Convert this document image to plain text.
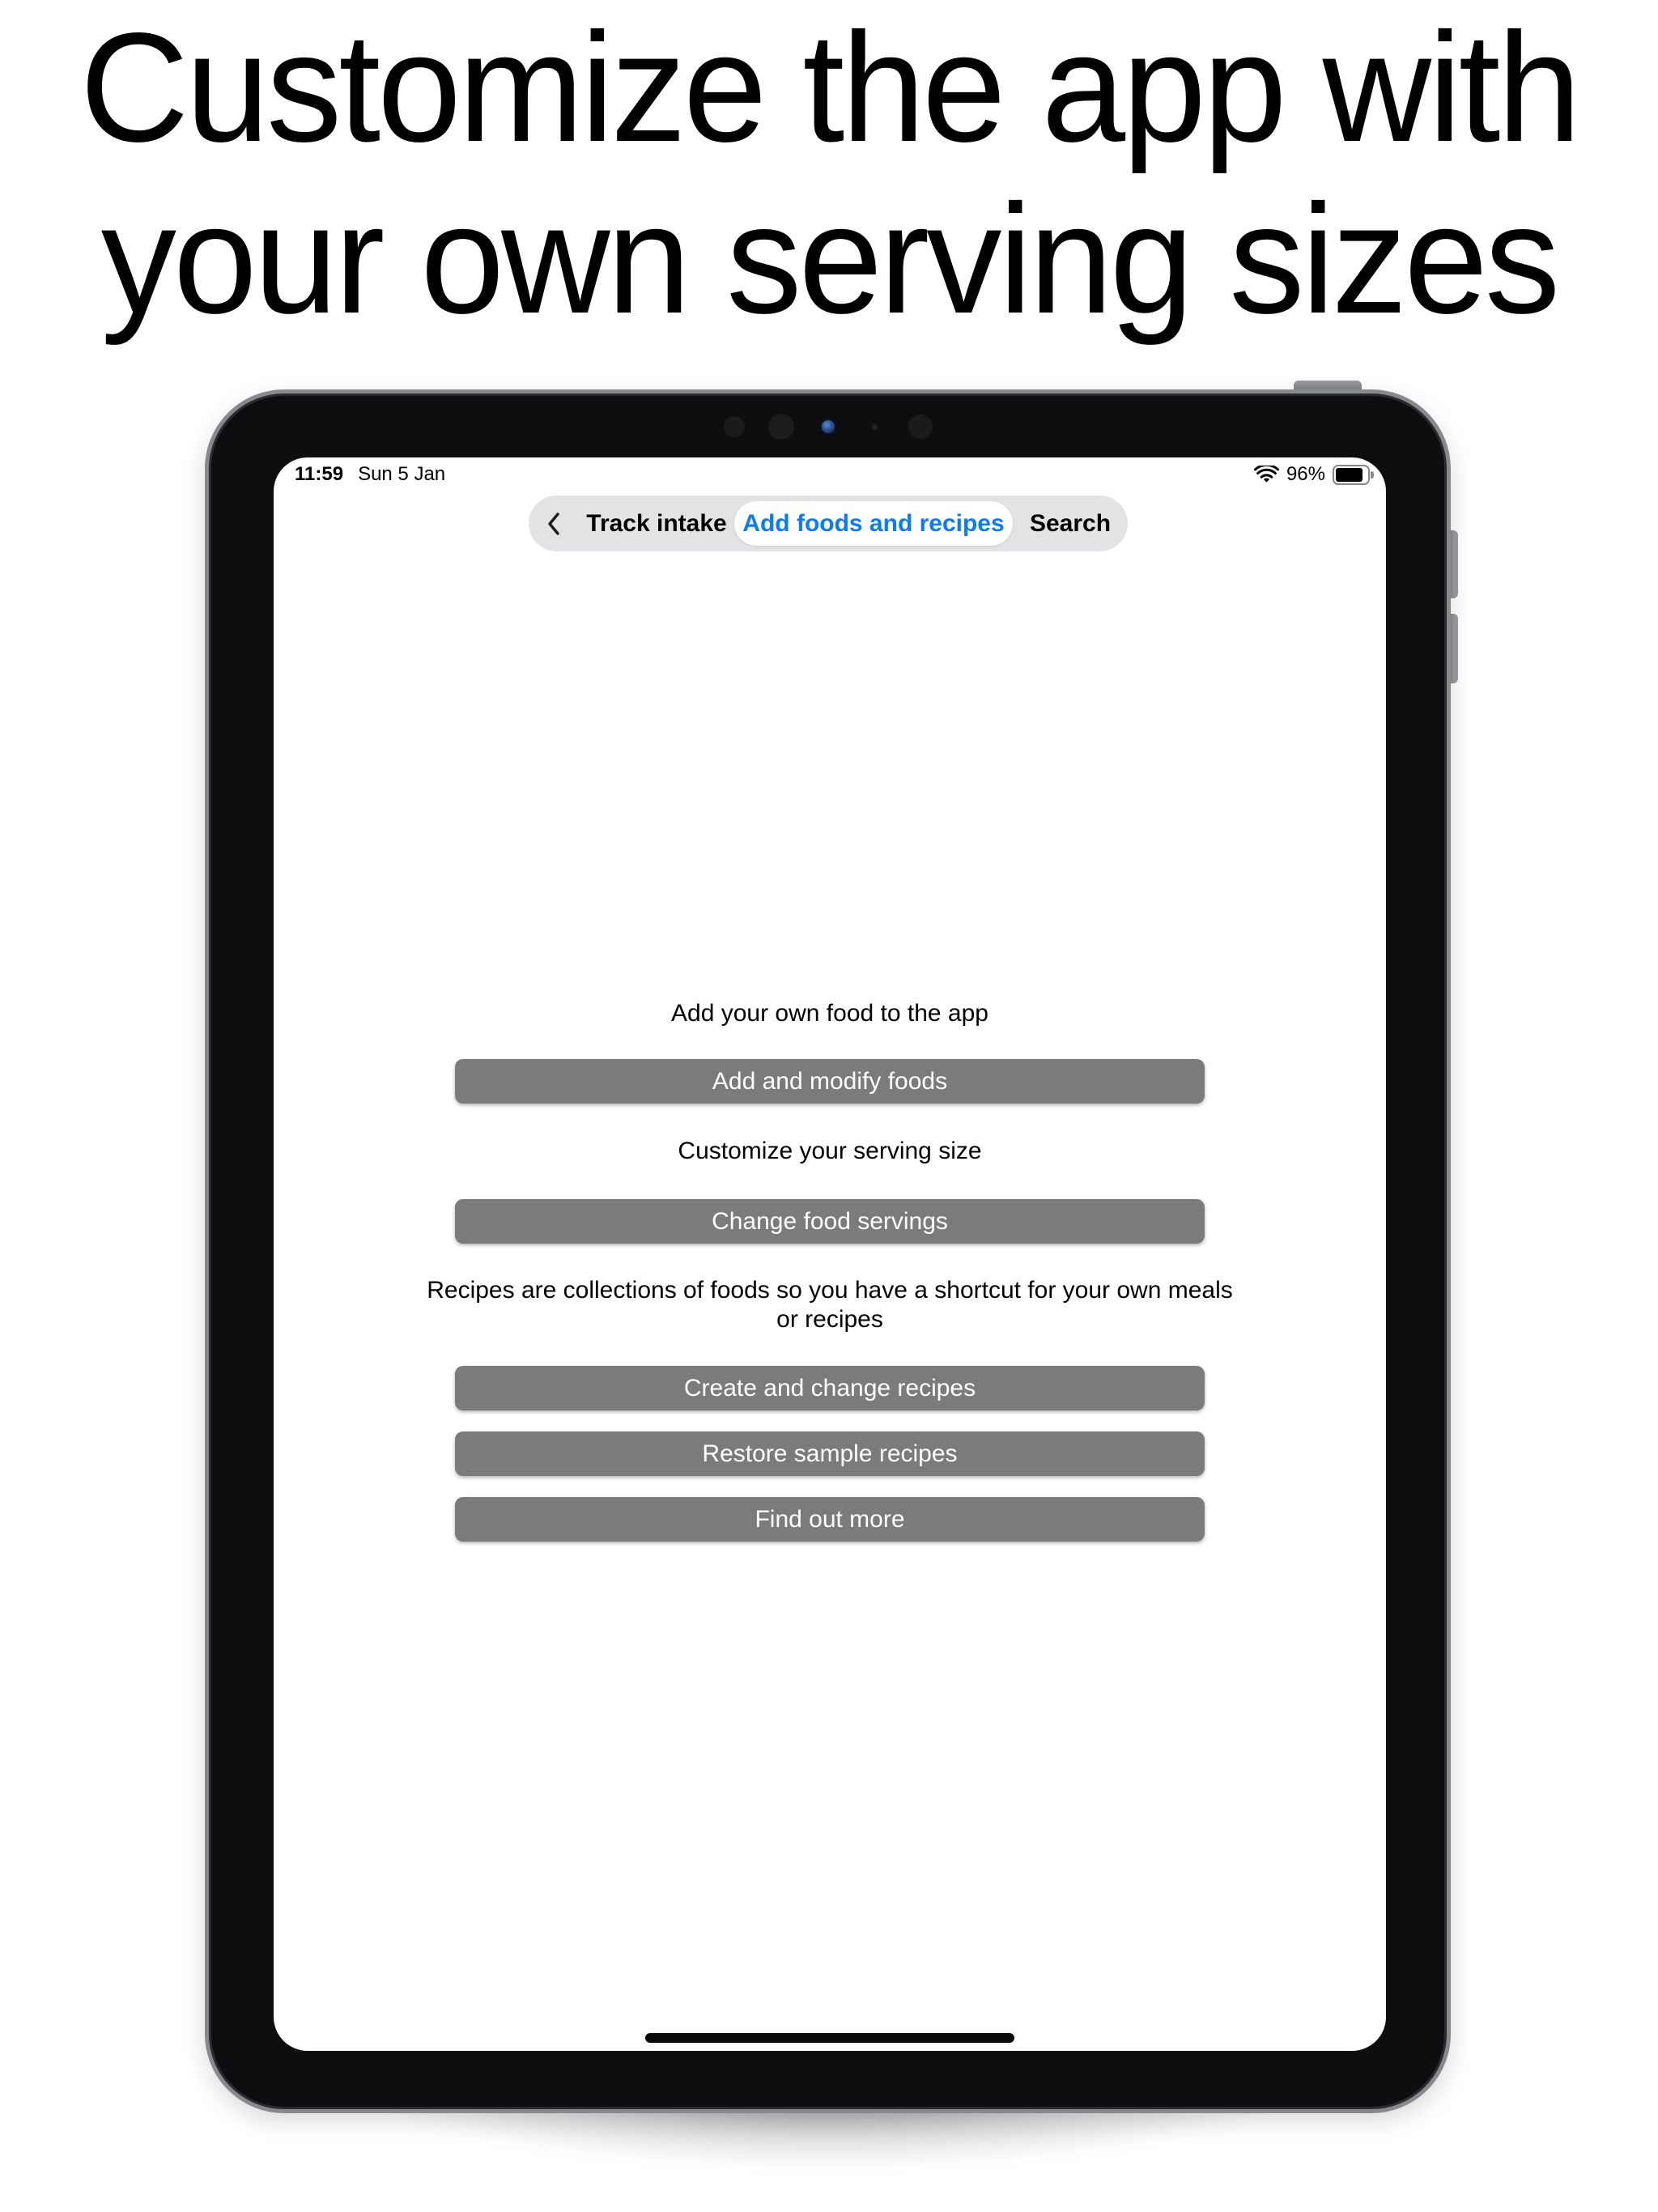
Customize the app with
your own serving sizes
11:59 Sun 5 Jan	96%
Track intake Add foods and recipes	Search
Add your own food to the app
Add and modify foods
Customize your serving size
Change food servings
Recipes are collections of foods so you have a shortcut for your own meals or recipes
Create and change recipes
Restore sample recipes
Find out more
